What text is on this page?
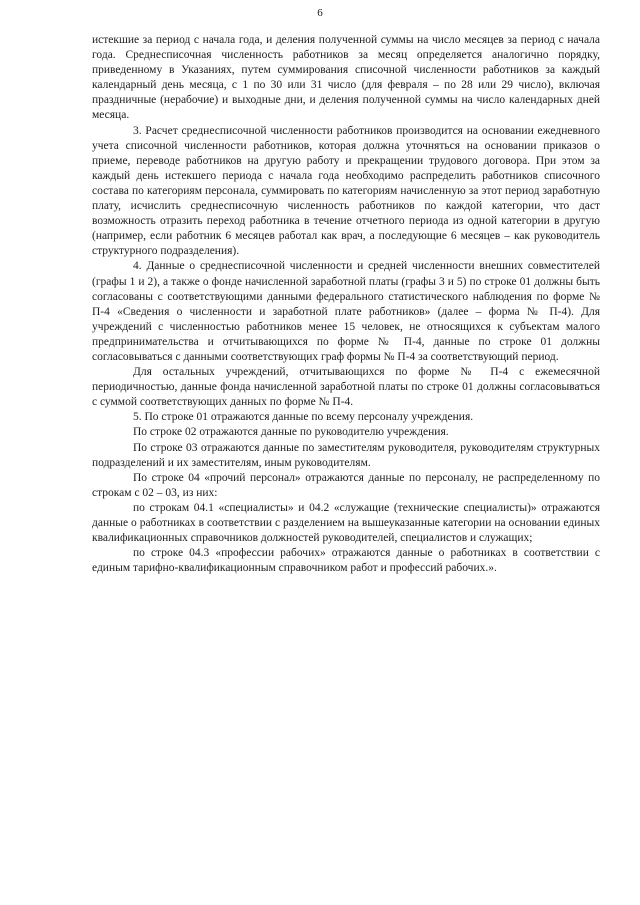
6

истекшие за период с начала года, и деления полученной суммы на число месяцев за период с начала года. Среднесписочная численность работников за месяц определяется аналогично порядку, приведенному в Указаниях, путем суммирования списочной численности работников за каждый календарный день месяца, с 1 по 30 или 31 число (для февраля – по 28 или 29 число), включая праздничные (нерабочие) и выходные дни, и деления полученной суммы на число календарных дней месяца.

3. Расчет среднесписочной численности работников производится на основании ежедневного учета списочной численности работников, которая должна уточняться на основании приказов о приеме, переводе работников на другую работу и прекращении трудового договора. При этом за каждый день истекшего периода с начала года необходимо распределить работников списочного состава по категориям персонала, суммировать по категориям начисленную за этот период заработную плату, исчислить среднесписочную численность работников по каждой категории, что даст возможность отразить переход работника в течение отчетного периода из одной категории в другую (например, если работник 6 месяцев работал как врач, а последующие 6 месяцев – как руководитель структурного подразделения).

4. Данные о среднесписочной численности и средней численности внешних совместителей (графы 1 и 2), а также о фонде начисленной заработной платы (графы 3 и 5) по строке 01 должны быть согласованы с соответствующими данными федерального статистического наблюдения по форме № П-4 «Сведения о численности и заработной плате работников» (далее – форма № П-4). Для учреждений с численностью работников менее 15 человек, не относящихся к субъектам малого предпринимательства и отчитывающихся по форме № П-4, данные по строке 01 должны согласовываться с данными соответствующих граф формы № П-4 за соответствующий период.

Для остальных учреждений, отчитывающихся по форме № П-4 с ежемесячной периодичностью, данные фонда начисленной заработной платы по строке 01 должны согласовываться с суммой соответствующих данных по форме № П-4.

5. По строке 01 отражаются данные по всему персоналу учреждения.

По строке 02 отражаются данные по руководителю учреждения.

По строке 03 отражаются данные по заместителям руководителя, руководителям структурных подразделений и их заместителям, иным руководителям.

По строке 04 «прочий персонал» отражаются данные по персоналу, не распределенному по строкам с 02 – 03, из них:

по строкам 04.1 «специалисты» и 04.2 «служащие (технические специалисты)» отражаются данные о работниках в соответствии с разделением на вышеуказанные категории на основании единых квалификационных справочников должностей руководителей, специалистов и служащих;

по строке 04.3 «профессии рабочих» отражаются данные о работниках в соответствии с единым тарифно-квалификационным справочником работ и профессий рабочих.».
